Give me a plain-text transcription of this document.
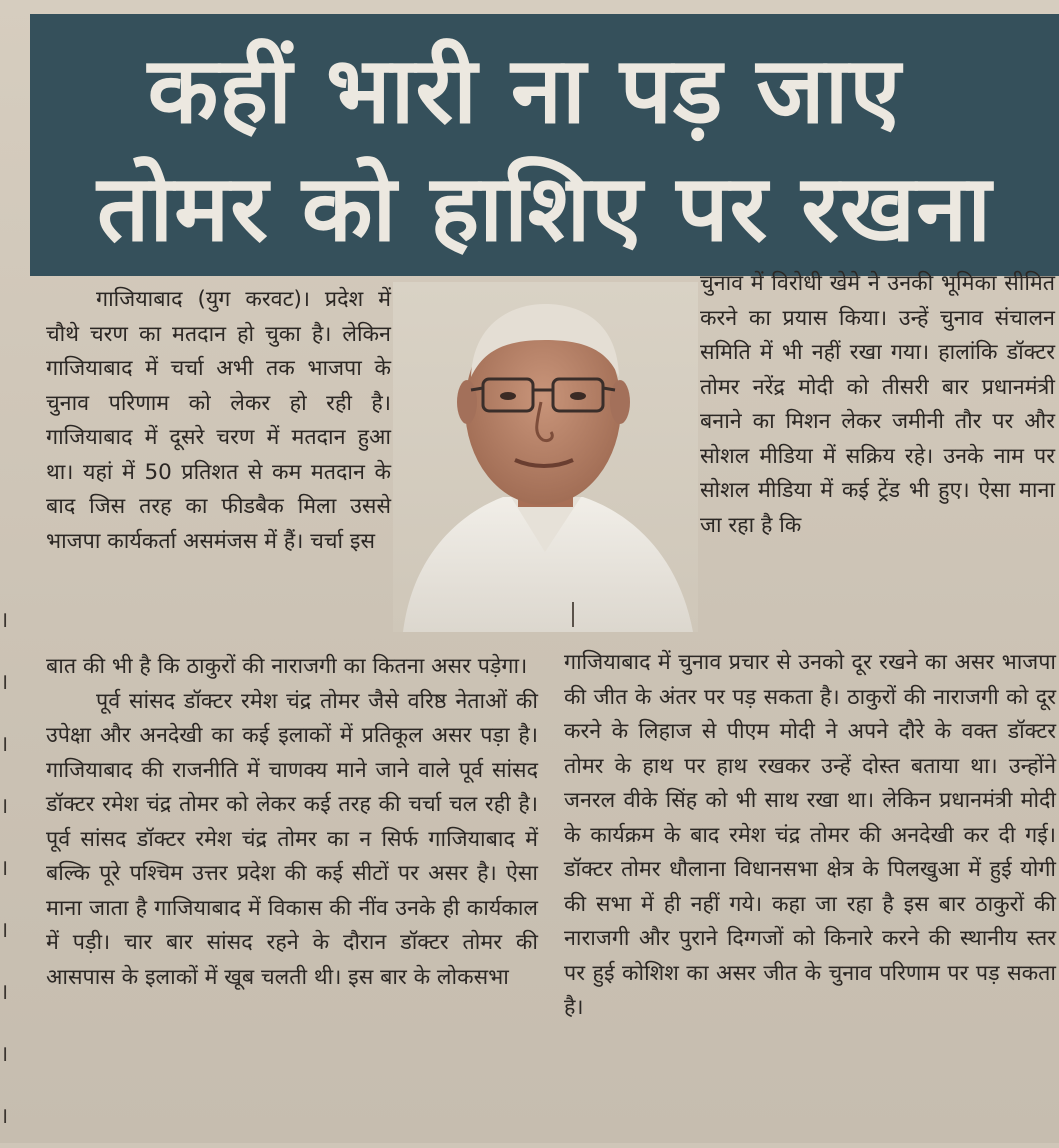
कहीं भारी ना पड़ जाए
तोमर को हाशिए पर रखना
।
।
।
।
।
।
।
।
।

गाजियाबाद (युग करवट)। प्रदेश में चौथे चरण का मतदान हो चुका है। लेकिन गाजियाबाद में चर्चा अभी तक भाजपा के चुनाव परिणाम को लेकर हो रही है। गाजियाबाद में दूसरे चरण में मतदान हुआ था। यहां में 50 प्रतिशत से कम मतदान के बाद जिस तरह का फीडबैक मिला उससे भाजपा कार्यकर्ता असमंजस में हैं। चर्चा इस

चुनाव में विरोधी खेमे ने उनकी भूमिका सीमित करने का प्रयास किया। उन्हें चुनाव संचालन समिति में भी नहीं रखा गया। हालांकि डॉक्टर तोमर नरेंद्र मोदी को तीसरी बार प्रधानमंत्री बनाने का मिशन लेकर जमीनी तौर पर और सोशल मीडिया में सक्रिय रहे। उनके नाम पर सोशल मीडिया में कई ट्रेंड भी हुए। ऐसा माना जा रहा है कि

बात की भी है कि ठाकुरों की नाराजगी का कितना असर पड़ेगा।

पूर्व सांसद डॉक्टर रमेश चंद्र तोमर जैसे वरिष्ठ नेताओं की उपेक्षा और अनदेखी का कई इलाकों में प्रतिकूल असर पड़ा है। गाजियाबाद की राजनीति में चाणक्य माने जाने वाले पूर्व सांसद डॉक्टर रमेश चंद्र तोमर को लेकर कई तरह की चर्चा चल रही है। पूर्व सांसद डॉक्टर रमेश चंद्र तोमर का न सिर्फ गाजियाबाद में बल्कि पूरे पश्चिम उत्तर प्रदेश की कई सीटों पर असर है। ऐसा माना जाता है गाजियाबाद में विकास की नींव उनके ही कार्यकाल में पड़ी। चार बार सांसद रहने के दौरान डॉक्टर तोमर की आसपास के इलाकों में खूब चलती थी। इस बार के लोकसभा

गाजियाबाद में चुनाव प्रचार से उनको दूर रखने का असर भाजपा की जीत के अंतर पर पड़ सकता है। ठाकुरों की नाराजगी को दूर करने के लिहाज से पीएम मोदी ने अपने दौरे के वक्त डॉक्टर तोमर के हाथ पर हाथ रखकर उन्हें दोस्त बताया था। उन्होंने जनरल वीके सिंह को भी साथ रखा था। लेकिन प्रधानमंत्री मोदी के कार्यक्रम के बाद रमेश चंद्र तोमर की अनदेखी कर दी गई। डॉक्टर तोमर धौलाना विधानसभा क्षेत्र के पिलखुआ में हुई योगी की सभा में ही नहीं गये। कहा जा रहा है इस बार ठाकुरों की नाराजगी और पुराने दिग्गजों को किनारे करने की स्थानीय स्तर पर हुई कोशिश का असर जीत के चुनाव परिणाम पर पड़ सकता है।
